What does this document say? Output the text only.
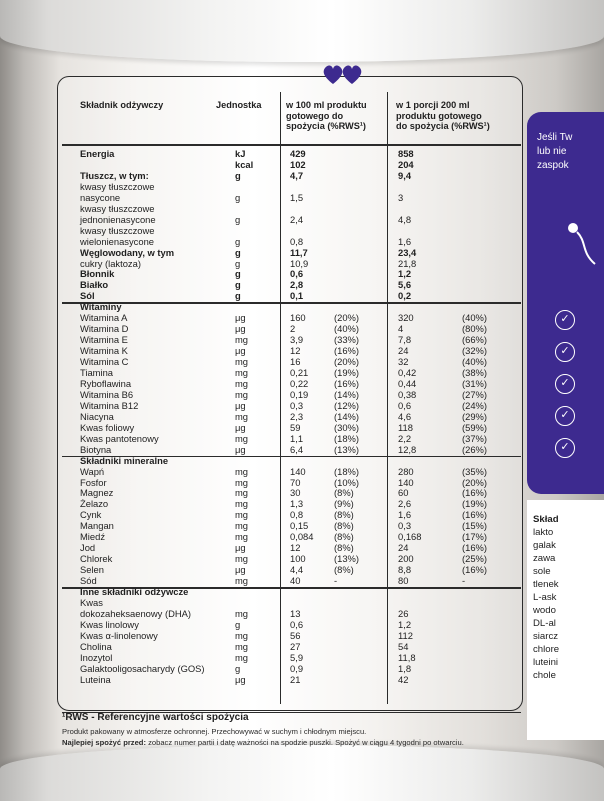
Jeśli Tw
lub nie
zaspok
✓
✓
✓
✓
✓
Skład
lakto
galak
zawa
sole
tlenek
L-ask
wodo
DL-al
siarcz
chlore
luteini
chole
Składnik odżywczy	Jednostka	w 100 ml produktu
gotowego do
spożycia (%RWS¹)
w 1 porcji 200 ml
produktu gotowego
do spożycia (%RWS¹)
Energia	kJ	429	858
kcal	102	204
Tłuszcz, w tym:	g	4,7	9,4
kwasy tłuszczowe
nasycone	g	1,5	3
kwasy tłuszczowe
jednonienasycone	g	2,4	4,8
kwasy tłuszczowe
wielonienasycone	g	0,8	1,6
Węglowodany, w tym	g	11,7	23,4
cukry (laktoza)	g	10,9	21,8
Błonnik	g	0,6	1,2
Białko	g	2,8	5,6
Sól	g	0,1	0,2
Witaminy
Witamina A	μg	160	(20%)	320	(40%)
Witamina D	μg	2	(40%)	4	(80%)
Witamina E	mg	3,9	(33%)	7,8	(66%)
Witamina K	μg	12	(16%)	24	(32%)
Witamina C	mg	16	(20%)	32	(40%)
Tiamina	mg	0,21	(19%)	0,42	(38%)
Ryboflawina	mg	0,22	(16%)	0,44	(31%)
Witamina B6	mg	0,19	(14%)	0,38	(27%)
Witamina B12	μg	0,3	(12%)	0,6	(24%)
Niacyna	mg	2,3	(14%)	4,6	(29%)
Kwas foliowy	μg	59	(30%)	118	(59%)
Kwas pantotenowy	mg	1,1	(18%)	2,2	(37%)
Biotyna	μg	6,4	(13%)	12,8	(26%)
Składniki mineralne
Wapń	mg	140	(18%)	280	(35%)
Fosfor	mg	70	(10%)	140	(20%)
Magnez	mg	30	(8%)	60	(16%)
Żelazo	mg	1,3	(9%)	2,6	(19%)
Cynk	mg	0,8	(8%)	1,6	(16%)
Mangan	mg	0,15	(8%)	0,3	(15%)
Miedź	mg	0,084 (8%)	0,168	(17%)
Jod	μg	12	(8%)	24	(16%)
Chlorek	mg	100	(13%)	200	(25%)
Selen	μg	4,4	(8%)	8,8	(16%)
Sód	mg	40	-	80	-
Inne składniki odżywcze
Kwas
dokozaheksaenowy (DHA)	mg	13	26
Kwas linolowy	g	0,6	1,2
Kwas α-linolenowy	mg	56	112
Cholina	mg	27	54
Inozytol	mg	5,9	11,8
Galaktooligosacharydy (GOS)	g	0,9	1,8
Luteina	μg	21	42
¹RWS - Referencyjne wartości spożycia
Produkt pakowany w atmosferze ochronnej. Przechowywać w suchym i chłodnym miejscu.
Najlepiej spożyć przed: zobacz numer partii i datę ważności na spodzie puszki. Spożyć w ciągu 4 tygodni po otwarciu.
